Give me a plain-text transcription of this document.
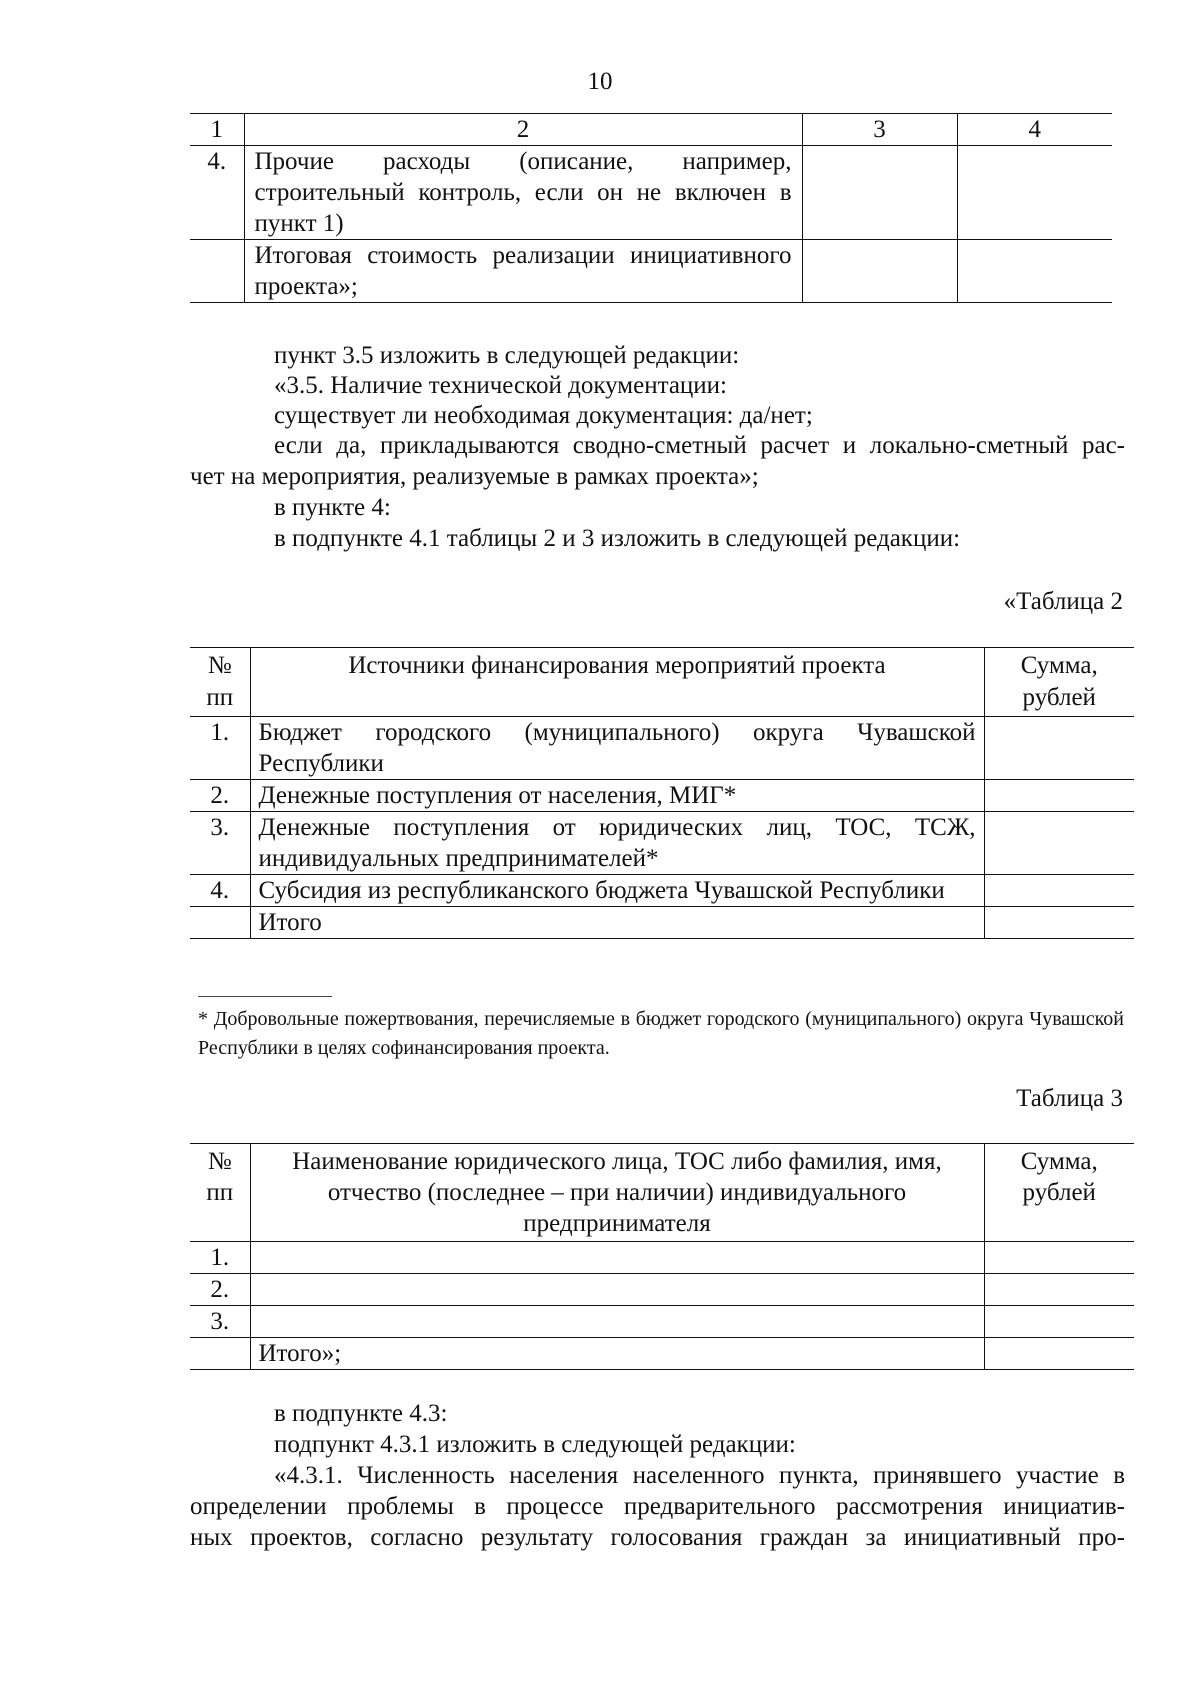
10
1	2	3	4
4.	Прочие расходы (описание, например, строительный контроль, если он не включен в пункт 1)		
	Итоговая стоимость реализации инициативного проекта»;		
пункт 3.5 изложить в следующей редакции:
«3.5. Наличие технической документации:
существует ли необходимая документация: да/нет;
если да, прикладываются сводно-сметный расчет и локально-сметный рас-
чет на мероприятия, реализуемые в рамках проекта»;
в пункте 4:
в подпункте 4.1 таблицы 2 и 3 изложить в следующей редакции:
«Таблица 2
№ пп	Источники финансирования мероприятий проекта	Сумма, рублей
1.	Бюджет городского (муниципального) округа Чувашской Республики	
2.	Денежные поступления от населения, МИГ*	
3.	Денежные поступления от юридических лиц, ТОС, ТСЖ, индивидуальных предпринимателей*	
4.	Субсидия из республиканского бюджета Чувашской Республики	
	Итого	
* Добровольные пожертвования, перечисляемые в бюджет городского (муниципального) округа Чувашской Республики в целях софинансирования проекта.
Таблица 3
№ пп	Наименование юридического лица, ТОС либо фамилия, имя, отчество (последнее – при наличии) индивидуального предпринимателя	Сумма, рублей
1.		
2.		
3.		
	Итого»;	
в подпункте 4.3:
подпункт 4.3.1 изложить в следующей редакции:
«4.3.1. Численность населения населенного пункта, принявшего участие в
определении проблемы в процессе предварительного рассмотрения инициатив-
ных проектов, согласно результату голосования граждан за инициативный про-
